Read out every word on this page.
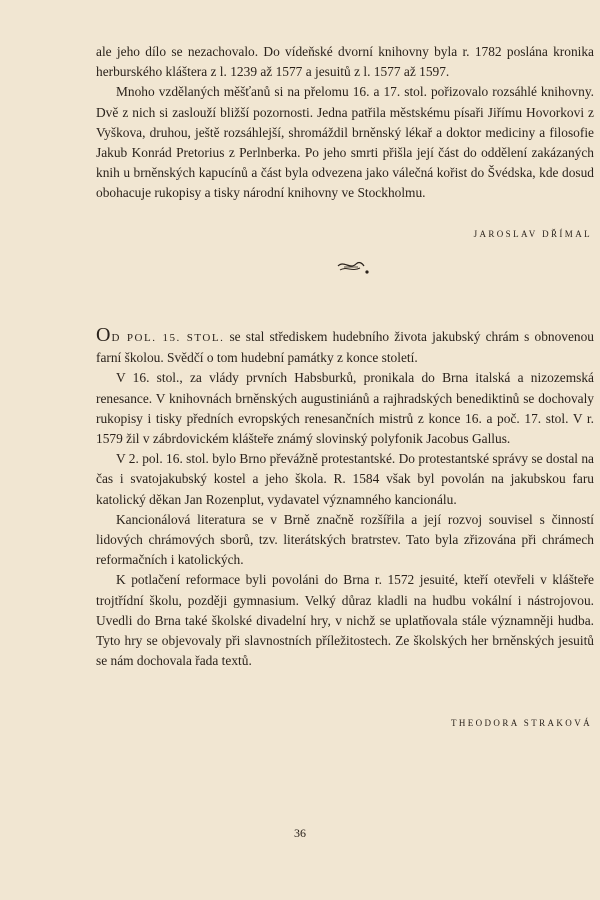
ale jeho dílo se nezachovalo. Do vídeňské dvorní knihovny byla r. 1782 poslána kronika herburského kláštera z l. 1239 až 1577 a jesuitů z l. 1577 až 1597.

Mnoho vzdělaných měšťanů si na přelomu 16. a 17. stol. pořizovalo rozsáhlé knihovny. Dvě z nich si zaslouží bližší pozornosti. Jedna patřila městskému písaři Jiřímu Hovorkovi z Vyškova, druhou, ještě rozsáhlejší, shromáždil brněnský lékař a doktor mediciny a filosofie Jakub Konrád Pretorius z Perlnberka. Po jeho smrti přišla její část do oddělení zakázaných knih u brněnských kapucínů a část byla odvezena jako válečná kořist do Švédska, kde dosud obohacuje rukopisy a tisky národní knihovny ve Stockholmu.

JAROSLAV DŘÍMAL

OD POL. 15. STOL. se stal střediskem hudebního života jakubský chrám s obnovenou farní školou. Svědčí o tom hudební památky z konce století.

V 16. stol., za vlády prvních Habsburků, pronikala do Brna italská a nizozemská renesance. V knihovnách brněnských augustiniánů a rajhradských benediktinů se dochovaly rukopisy i tisky předních evropských renesančních mistrů z konce 16. a poč. 17. stol. V r. 1579 žil v zábrdovickém klášteře známý slovinský polyfonik Jacobus Gallus.

V 2. pol. 16. stol. bylo Brno převážně protestantské. Do protestantské správy se dostal na čas i svatojakubský kostel a jeho škola. R. 1584 však byl povolán na jakubskou faru katolický děkan Jan Rozenplut, vydavatel významného kancionálu.

Kancionálová literatura se v Brně značně rozšířila a její rozvoj souvisel s činností lidových chrámových sborů, tzv. literátských bratrstev. Tato byla zřizována při chrámech reformačních i katolických.

K potlačení reformace byli povoláni do Brna r. 1572 jesuité, kteří otevřeli v klášteře trojtřídní školu, později gymnasium. Velký důraz kladli na hudbu vokální i nástrojovou. Uvedli do Brna také školské divadelní hry, v nichž se uplatňovala stále významněji hudba. Tyto hry se objevovaly při slavnostních příležitostech. Ze školských her brněnských jesuitů se nám dochovala řada textů.

THEODORA STRAKOVÁ

36
